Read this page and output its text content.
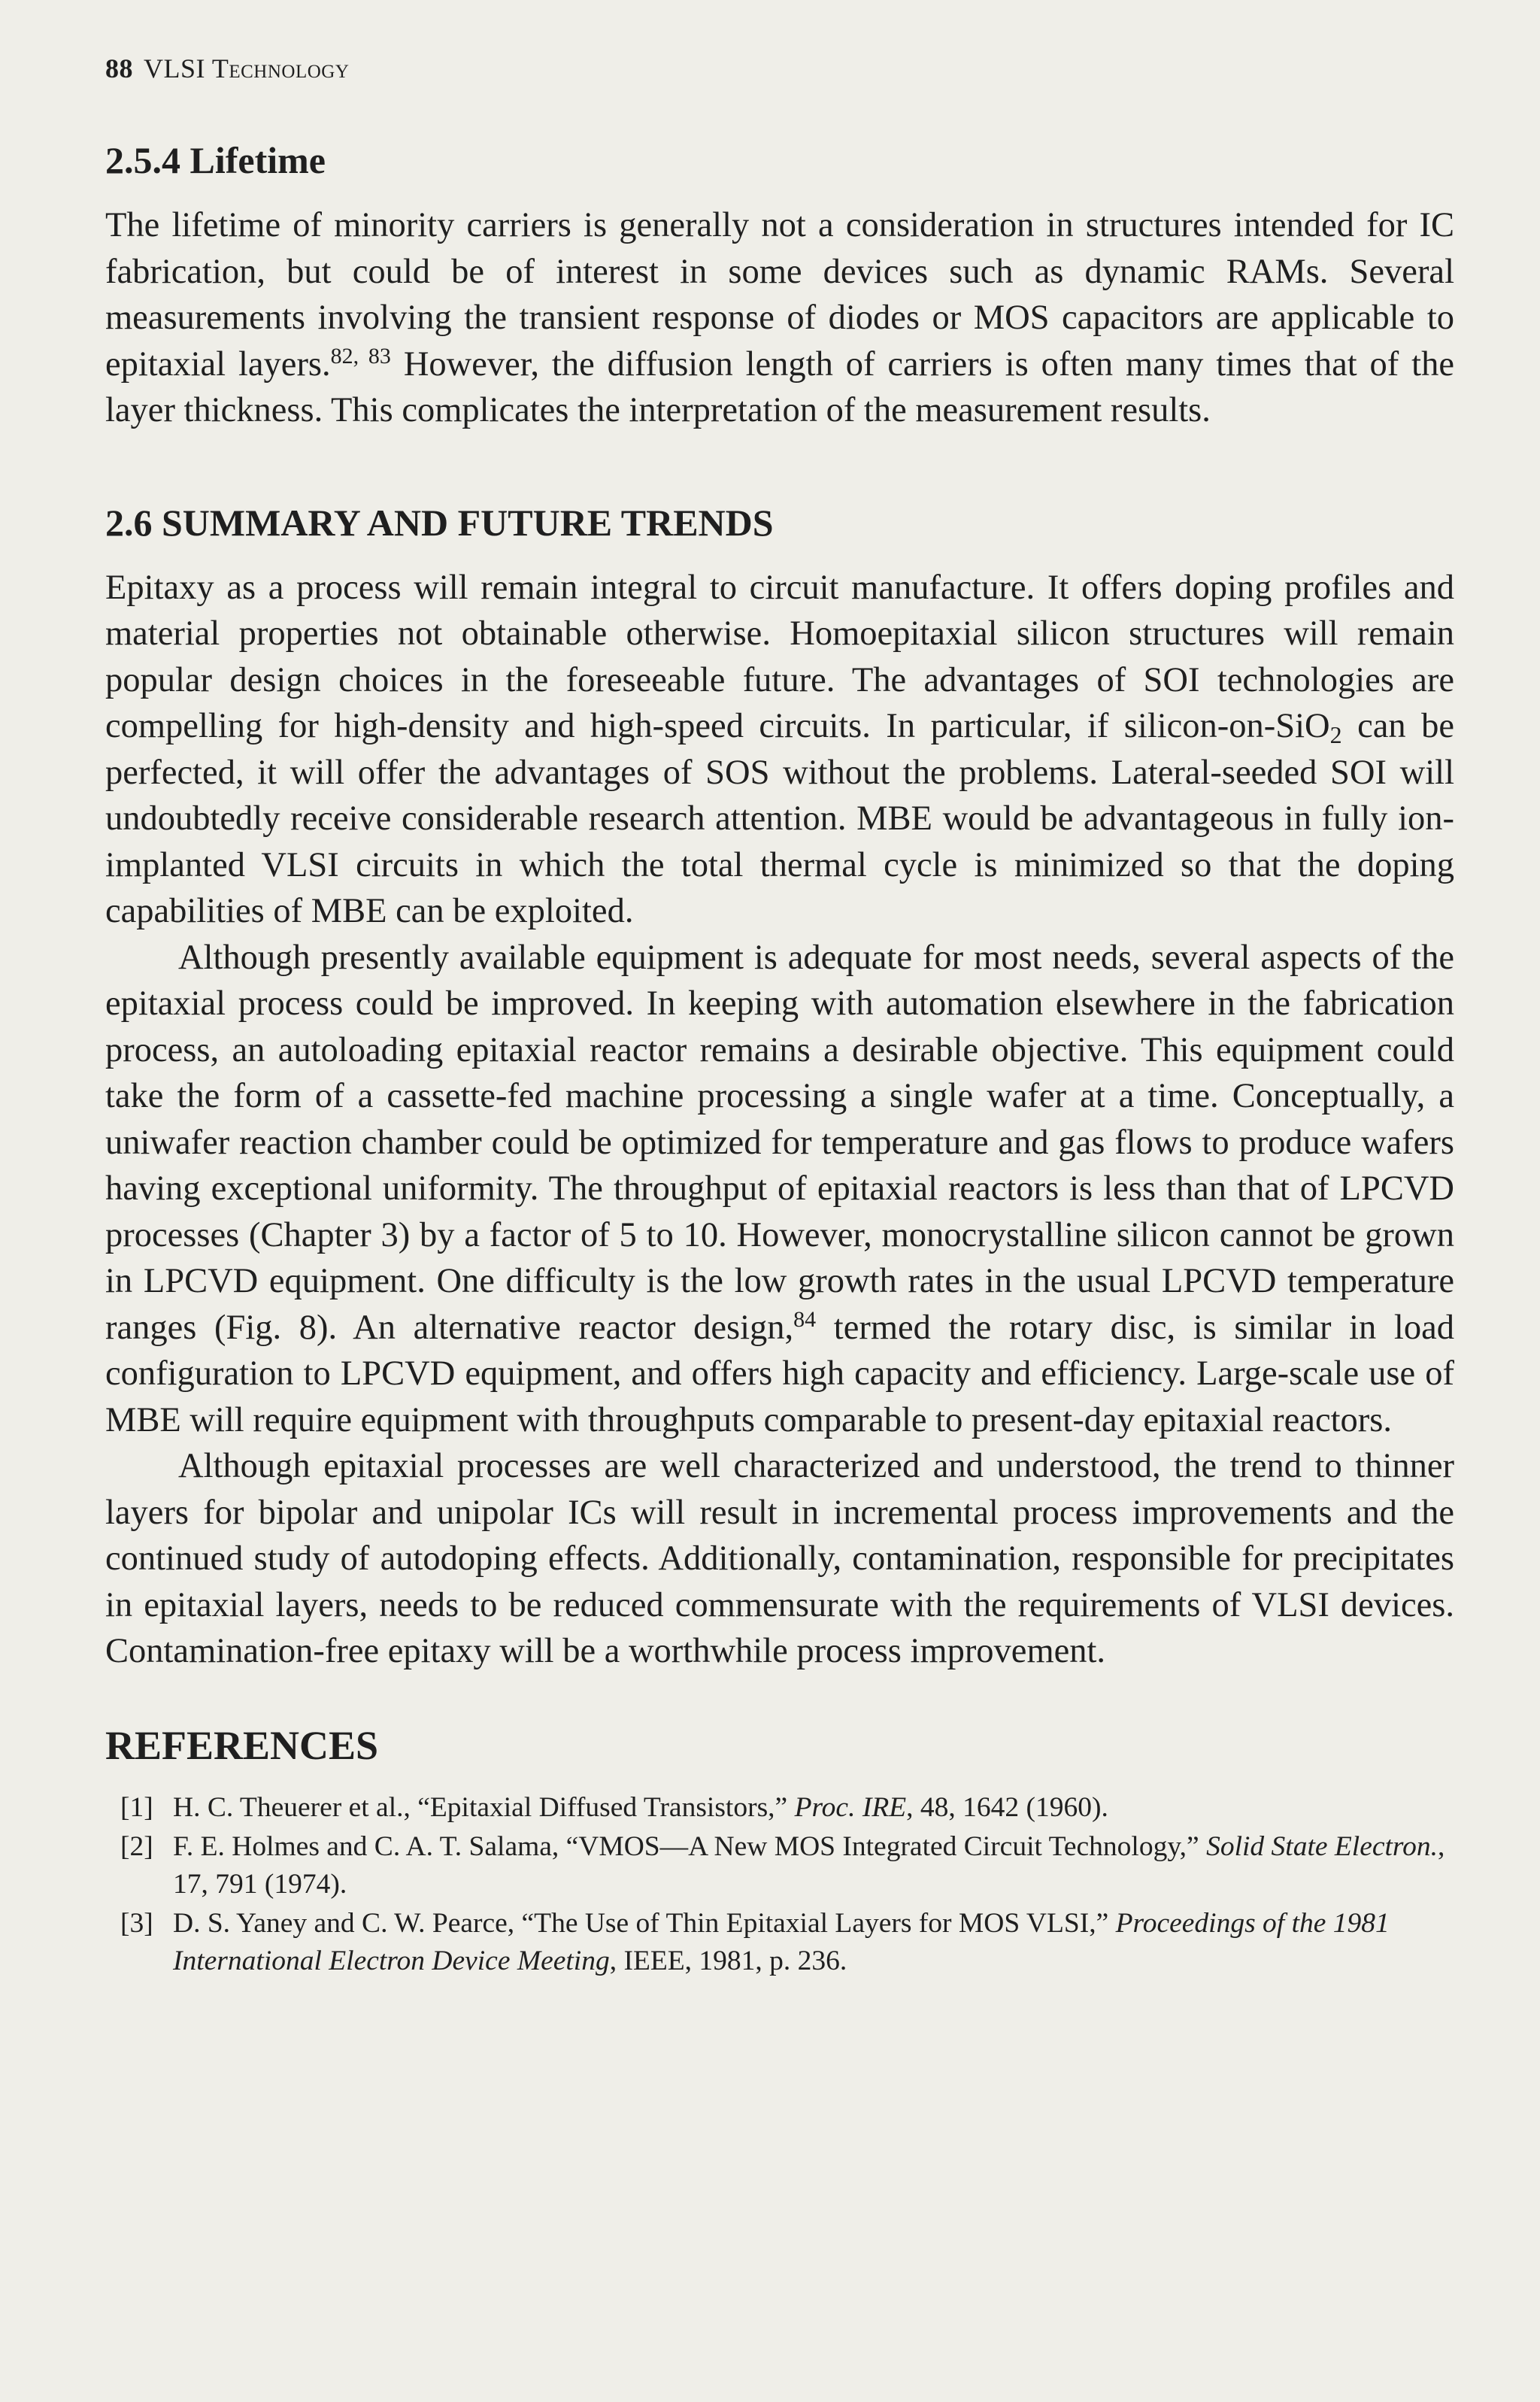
88 VLSI Technology
2.5.4 Lifetime

The lifetime of minority carriers is generally not a consideration in structures intended for IC fabrication, but could be of interest in some devices such as dynamic RAMs. Several measurements involving the transient response of diodes or MOS capacitors are applicable to epitaxial layers.$^{82, 83}$ However, the diffusion length of carriers is often many times that of the layer thickness. This complicates the interpretation of the measurement results.

2.6 SUMMARY AND FUTURE TRENDS

Epitaxy as a process will remain integral to circuit manufacture. It offers doping profiles and material properties not obtainable otherwise. Homoepitaxial silicon structures will remain popular design choices in the foreseeable future. The advantages of SOI technologies are compelling for high-density and high-speed circuits. In particular, if silicon-on-SiO$_2$ can be perfected, it will offer the advantages of SOS without the problems. Lateral-seeded SOI will undoubtedly receive considerable research attention. MBE would be advantageous in fully ion-implanted VLSI circuits in which the total thermal cycle is minimized so that the doping capabilities of MBE can be exploited.

Although presently available equipment is adequate for most needs, several aspects of the epitaxial process could be improved. In keeping with automation elsewhere in the fabrication process, an autoloading epitaxial reactor remains a desirable objective. This equipment could take the form of a cassette-fed machine processing a single wafer at a time. Conceptually, a uniwafer reaction chamber could be optimized for temperature and gas flows to produce wafers having exceptional uniformity. The throughput of epitaxial reactors is less than that of LPCVD processes (Chapter 3) by a factor of 5 to 10. However, monocrystalline silicon cannot be grown in LPCVD equipment. One difficulty is the low growth rates in the usual LPCVD temperature ranges (Fig. 8). An alternative reactor design,$^{84}$ termed the rotary disc, is similar in load configuration to LPCVD equipment, and offers high capacity and efficiency. Large-scale use of MBE will require equipment with throughputs comparable to present-day epitaxial reactors.

Although epitaxial processes are well characterized and understood, the trend to thinner layers for bipolar and unipolar ICs will result in incremental process improvements and the continued study of autodoping effects. Additionally, contamination, responsible for precipitates in epitaxial layers, needs to be reduced commensurate with the requirements of VLSI devices. Contamination-free epitaxy will be a worthwhile process improvement.

REFERENCES
[1] H. C. Theuerer et al., “Epitaxial Diffused Transistors,” Proc. IRE, 48, 1642 (1960).
[2] F. E. Holmes and C. A. T. Salama, “VMOS—A New MOS Integrated Circuit Technology,” Solid State Electron., 17, 791 (1974).
[3] D. S. Yaney and C. W. Pearce, “The Use of Thin Epitaxial Layers for MOS VLSI,” Proceedings of the 1981 International Electron Device Meeting, IEEE, 1981, p. 236.
